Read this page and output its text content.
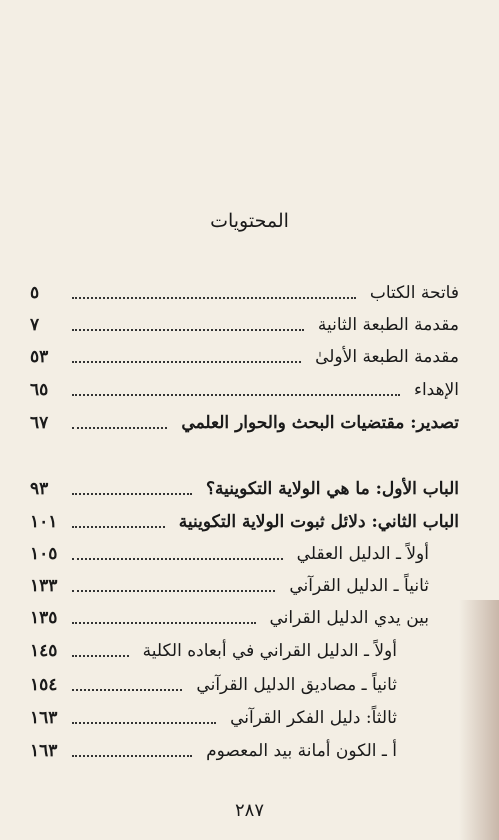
المحتويات
فاتحة الكتاب
٥
مقدمة الطبعة الثانية
٧
مقدمة الطبعة الأولىٰ
٥٣
الإهداء
٦٥
تصدير: مقتضيات البحث والحوار العلمي
٦٧
الباب الأول: ما هي الولاية التكوينية؟
٩٣
الباب الثاني: دلائل ثبوت الولاية التكوينية
١٠١
أولاً ـ الدليل العقلي
١٠٥
ثانياً ـ الدليل القرآني
١٣٣
بين يدي الدليل القراني
١٣٥
أولاً ـ الدليل القراني في أبعاده الكلية
١٤٥
ثانياً ـ مصاديق الدليل القرآني
١٥٤
ثالثاً: دليل الفكر القرآني
١٦٣
أ ـ الكون أمانة بيد المعصوم
١٦٣
٢٨٧
